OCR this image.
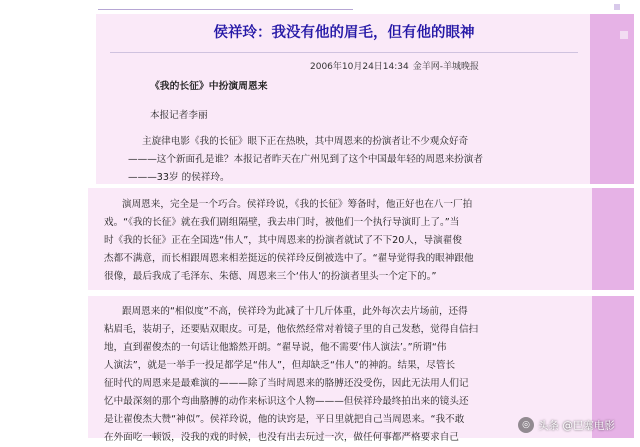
侯祥玲：我没有他的眉毛，但有他的眼神
2006年10月24日14:34 金羊网-羊城晚报
《我的长征》中扮演周恩来
本报记者李丽
主旋律电影《我的长征》眼下正在热映，其中周恩来的扮演者让不少观众好奇
———这个新面孔是谁？本报记者昨天在广州见到了这个中国最年轻的周恩来扮演者
———33岁 的侯祥玲。
演周恩来，完全是一个巧合。侯祥玲说，《我的长征》筹备时，他正好也在八一厂拍
戏。“《我的长征》就在我们剧组隔壁，我去串门时，被他们一个执行导演盯上了。”当
时《我的长征》正在全国选“伟人”，其中周恩来的扮演者就试了不下20人，导演翟俊
杰都不满意，而长相跟周恩来相差挺远的侯祥玲反倒被选中了。“翟导觉得我的眼神跟他
很像，最后我成了毛泽东、朱德、周恩来三个‘伟人’的扮演者里头一个定下的。”
跟周恩来的“相似度”不高，侯祥玲为此减了十几斤体重，此外每次去片场前，还得
粘眉毛，装胡子，还要贴双眼皮。可是，他依然经常对着镜子里的自己发愁，觉得自信扫
地，直到翟俊杰的一句话让他豁然开朗。“翟导说，他不需要‘伟人演法’。”所谓“伟
人演法”，就是一举手一投足都学足“伟人”，但却缺乏“伟人”的神韵。结果，尽管长
征时代的周恩来是最难演的———除了当时周恩来的胳膊还没受伤，因此无法用人们记
忆中最深刻的那个弯曲胳膊的动作来标识这个人物———但侯祥玲最终拍出来的镜头还
是让翟俊杰大赞“神似”。侯祥玲说，他的诀窍是，平日里就把自己当周恩来。“我不敢
在外面吃一顿饭，没我的戏的时候，也没有出去玩过一次，做任何事都严格要求自己
◎ 头条 @巴塞电影
